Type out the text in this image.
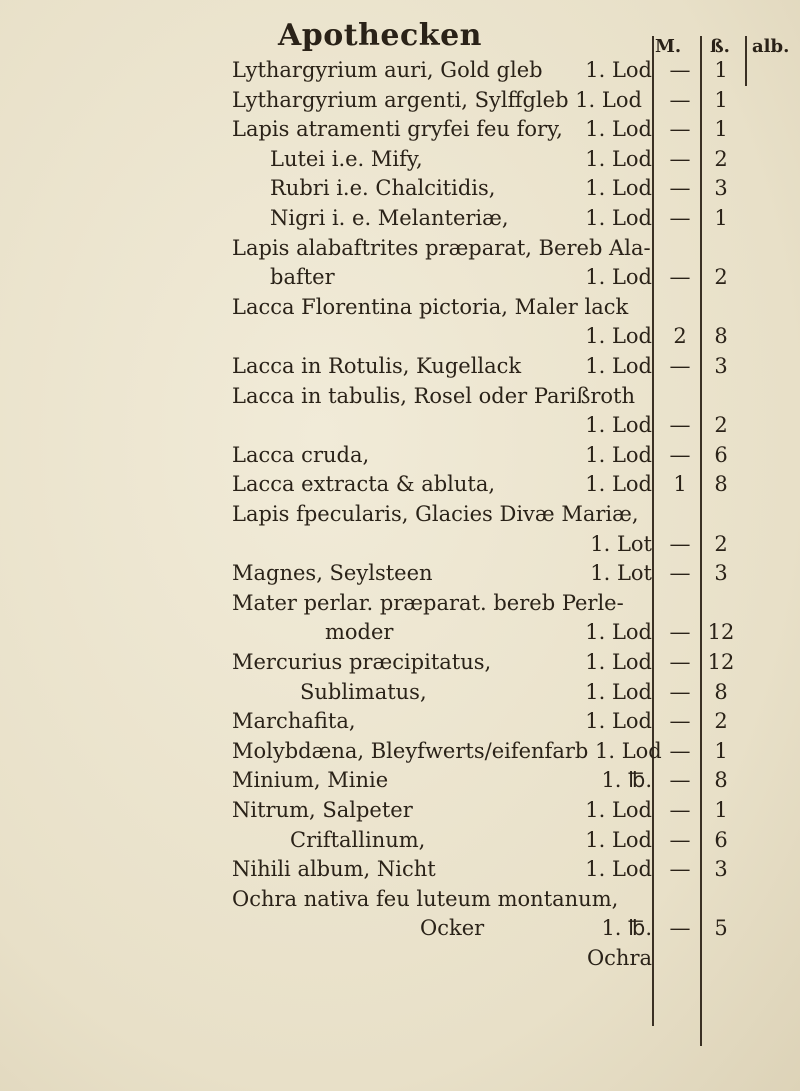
Apothecken	M. ß. alb.
Lythargyrium auri, Gold gleb	1. Lod —	1
Lythargyrium argenti, Sylffgleb 1. Lod	—	1
Lapis atramenti gryfei feu fory,	1. Lod —	1
Lutei i.e. Mify,	1. Lod —	2
Rubri i.e. Chalcitidis,	1. Lod —	3
Nigri i. e. Melanteriæ,	1. Lod —	1
Lapis alabaftrites præparat, Bereb Ala-
bafter	1. Lod —	2
Lacca Florentina pictoria, Maler lack
1. Lod	2	8
Lacca in Rotulis, Kugellack	1. Lod —	3
Lacca in tabulis, Rosel oder Parißroth
1. Lod —	2
Lacca cruda,	1. Lod —	6
Lacca extracta & abluta,	1. Lod	1	8
Lapis fpecularis, Glacies Divæ Mariæ,
1. Lot —	2
Magnes, Seylsteen	1. Lot —	3
Mater perlar. præparat. bereb Perle-
moder	1. Lod — 12
Mercurius præcipitatus,	1. Lod — 12
Sublimatus,	1. Lod —	8
Marchafita,	1. Lod —	2
Molybdæna, Bleyfwerts/eifenfarb 1. Lod —	1
Minium, Minie	1. ℔. —	8
Nitrum, Salpeter	1. Lod —	1
Criftallinum,	1. Lod —	6
Nihili album, Nicht	1. Lod —	3
Ochra nativa feu luteum montanum,
Ocker	1. ℔. —	5
Ochra
